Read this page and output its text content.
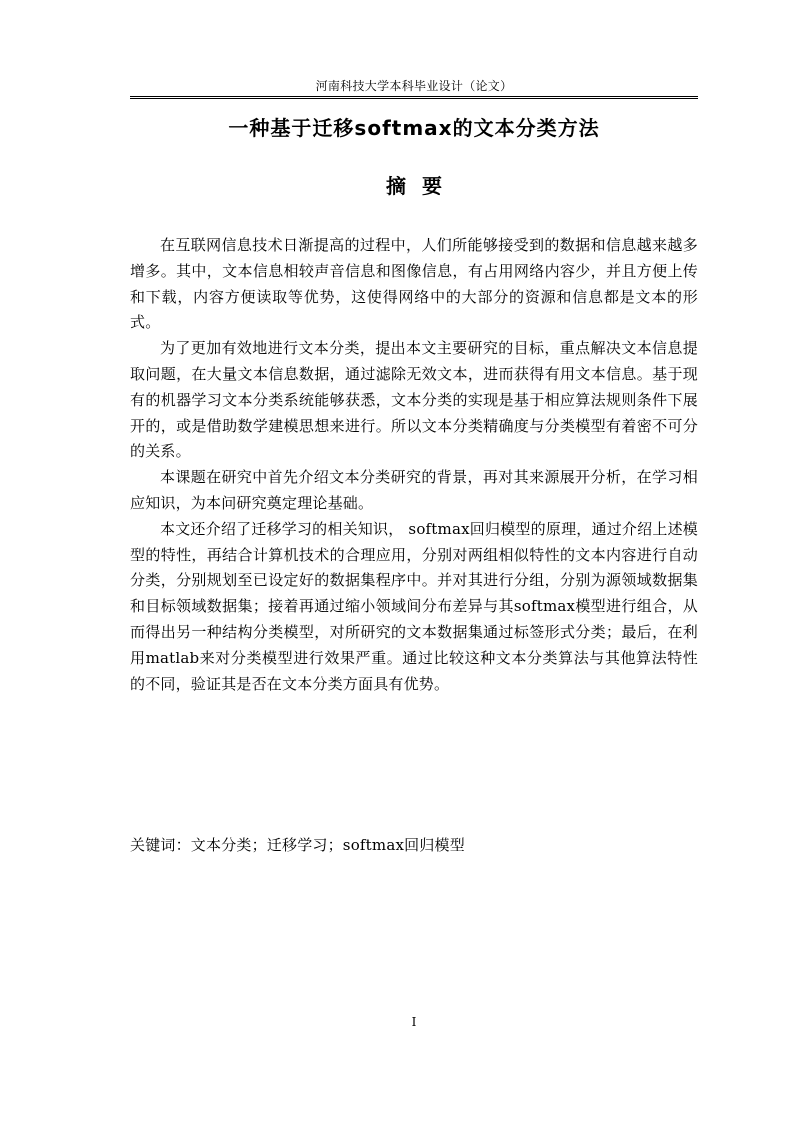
河南科技大学本科毕业设计（论文）
一种基于迁移softmax的文本分类方法
摘要

在互联网信息技术日渐提高的过程中，人们所能够接受到的数据和信息越来越多增多。其中，文本信息相较声音信息和图像信息，有占用网络内容少，并且方便上传和下载，内容方便读取等优势，这使得网络中的大部分的资源和信息都是文本的形式。

为了更加有效地进行文本分类，提出本文主要研究的目标，重点解决文本信息提取问题，在大量文本信息数据，通过滤除无效文本，进而获得有用文本信息。基于现有的机器学习文本分类系统能够获悉，文本分类的实现是基于相应算法规则条件下展开的，或是借助数学建模思想来进行。所以文本分类精确度与分类模型有着密不可分的关系。

本课题在研究中首先介绍文本分类研究的背景，再对其来源展开分析，在学习相应知识，为本问研究奠定理论基础。

本文还介绍了迁移学习的相关知识， softmax回归模型的原理，通过介绍上述模型的特性，再结合计算机技术的合理应用，分别对两组相似特性的文本内容进行自动分类，分别规划至已设定好的数据集程序中。并对其进行分组，分别为源领域数据集和目标领域数据集；接着再通过缩小领域间分布差异与其softmax模型进行组合，从而得出另一种结构分类模型，对所研究的文本数据集通过标签形式分类；最后，在利用matlab来对分类模型进行效果严重。通过比较这种文本分类算法与其他算法特性的不同，验证其是否在文本分类方面具有优势。

关键词：文本分类；迁移学习；softmax回归模型
I
